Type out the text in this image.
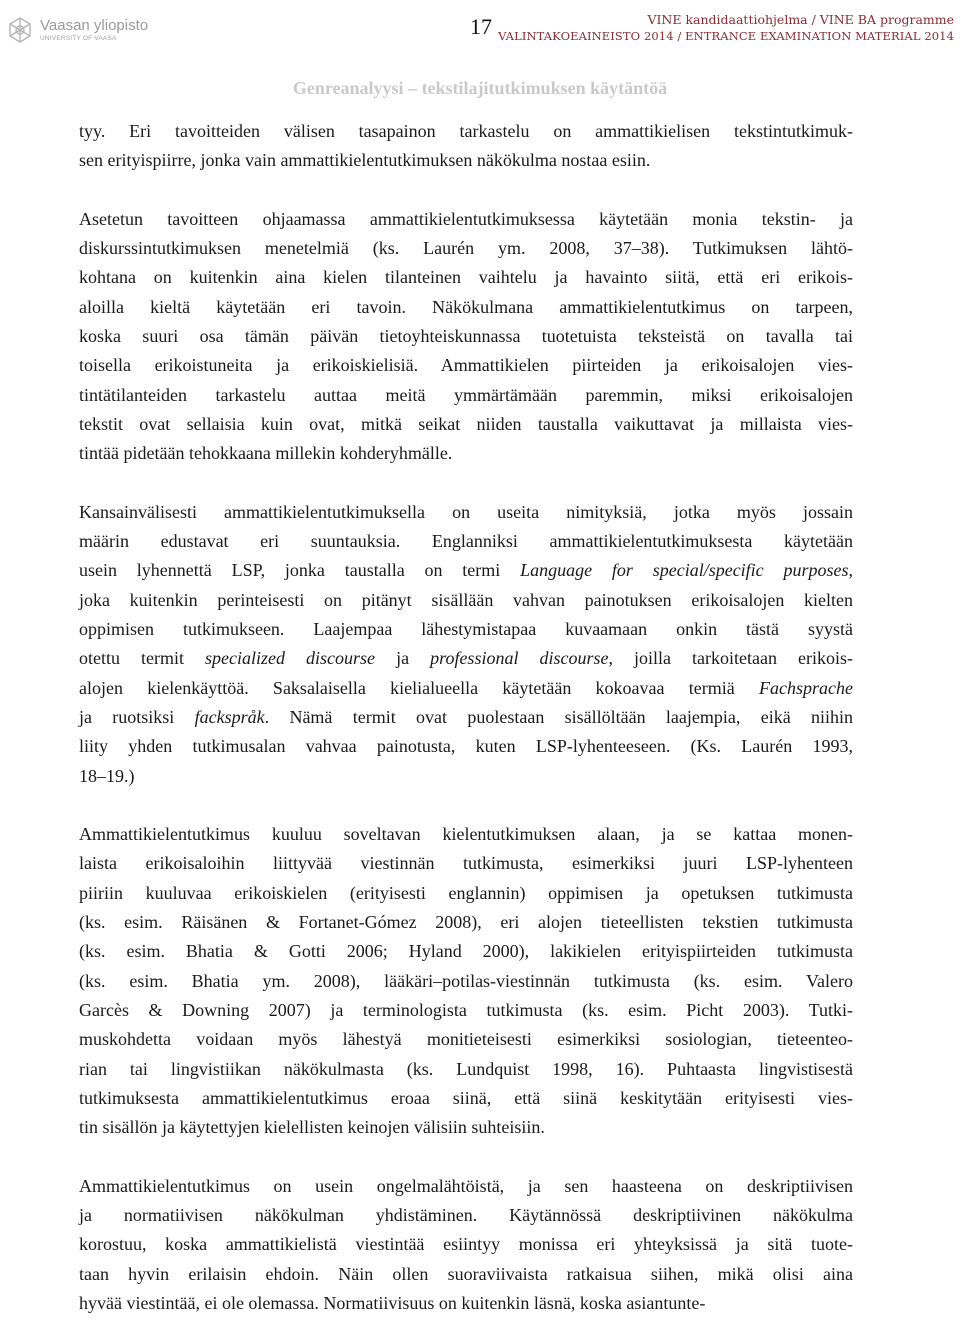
Vaasan yliopisto
UNIVERSITY OF VAASA	17	VINE kandidaattiohjelma / VINE BA programme
VALINTAKOEAINEISTO 2014 / ENTRANCE EXAMINATION MATERIAL 2014
Genreanalyysi – tekstilajitutkimuksen käytäntöä
tyy. Eri tavoitteiden välisen tasapainon tarkastelu on ammattikielisen tekstintutkimuk-
sen erityispiirre, jonka vain ammattikielentutkimuksen näkökulma nostaa esiin.
Asetetun tavoitteen ohjaamassa ammattikielentutkimuksessa käytetään monia tekstin- ja
diskurssintutkimuksen menetelmiä (ks. Laurén ym. 2008, 37–38). Tutkimuksen lähtö-
kohtana on kuitenkin aina kielen tilanteinen vaihtelu ja havainto siitä, että eri erikois-
aloilla kieltä käytetään eri tavoin. Näkökulmana ammattikielentutkimus on tarpeen,
koska suuri osa tämän päivän tietoyhteiskunnassa tuotetuista teksteistä on tavalla tai
toisella erikoistuneita ja erikoiskielisiä. Ammattikielen piirteiden ja erikoisalojen vies-
tintätilanteiden tarkastelu auttaa meitä ymmärtämään paremmin, miksi erikoisalojen
tekstit ovat sellaisia kuin ovat, mitkä seikat niiden taustalla vaikuttavat ja millaista vies-
tintää pidetään tehokkaana millekin kohderyhmälle.
Kansainvälisesti ammattikielentutkimuksella on useita nimityksiä, jotka myös jossain
määrin edustavat eri suuntauksia. Englanniksi ammattikielentutkimuksesta käytetään
usein lyhennettä LSP, jonka taustalla on termi Language for special/specific purposes,
joka kuitenkin perinteisesti on pitänyt sisällään vahvan painotuksen erikoisalojen kielten
oppimisen tutkimukseen. Laajempaa lähestymistapaa kuvaamaan onkin tästä syystä
otettu termit specialized discourse ja professional discourse, joilla tarkoitetaan erikois-
alojen kielenkäyttöä. Saksalaisella kielialueella käytetään kokoavaa termiä Fachsprache
ja ruotsiksi fackspråk. Nämä termit ovat puolestaan sisällöltään laajempia, eikä niihin
liity yhden tutkimusalan vahvaa painotusta, kuten LSP-lyhenteeseen. (Ks. Laurén 1993,
18–19.)
Ammattikielentutkimus kuuluu soveltavan kielentutkimuksen alaan, ja se kattaa monen-
laista erikoisaloihin liittyvää viestinnän tutkimusta, esimerkiksi juuri LSP-lyhenteen
piiriin kuuluvaa erikoiskielen (erityisesti englannin) oppimisen ja opetuksen tutkimusta
(ks. esim. Räisänen & Fortanet-Gómez 2008), eri alojen tieteellisten tekstien tutkimusta
(ks. esim. Bhatia & Gotti 2006; Hyland 2000), lakikielen erityispiirteiden tutkimusta
(ks. esim. Bhatia ym. 2008), lääkäri–potilas-viestinnän tutkimusta (ks. esim. Valero
Garcès & Downing 2007) ja terminologista tutkimusta (ks. esim. Picht 2003). Tutki-
muskohdetta voidaan myös lähestyä monitieteisesti esimerkiksi sosiologian, tieteenteo-
rian tai lingvistiikan näkökulmasta (ks. Lundquist 1998, 16). Puhtaasta lingvistisestä
tutkimuksesta ammattikielentutkimus eroaa siinä, että siinä keskitytään erityisesti vies-
tin sisällön ja käytettyjen kielellisten keinojen välisiin suhteisiin.
Ammattikielentutkimus on usein ongelmalähtöistä, ja sen haasteena on deskriptiivisen
ja normatiivisen näkökulman yhdistäminen. Käytännössä deskriptiivinen näkökulma
korostuu, koska ammattikielistä viestintää esiintyy monissa eri yhteyksissä ja sitä tuote-
taan hyvin erilaisin ehdoin. Näin ollen suoraviivaista ratkaisua siihen, mikä olisi aina
hyvää viestintää, ei ole olemassa. Normatiivisuus on kuitenkin läsnä, koska asiantunte-
